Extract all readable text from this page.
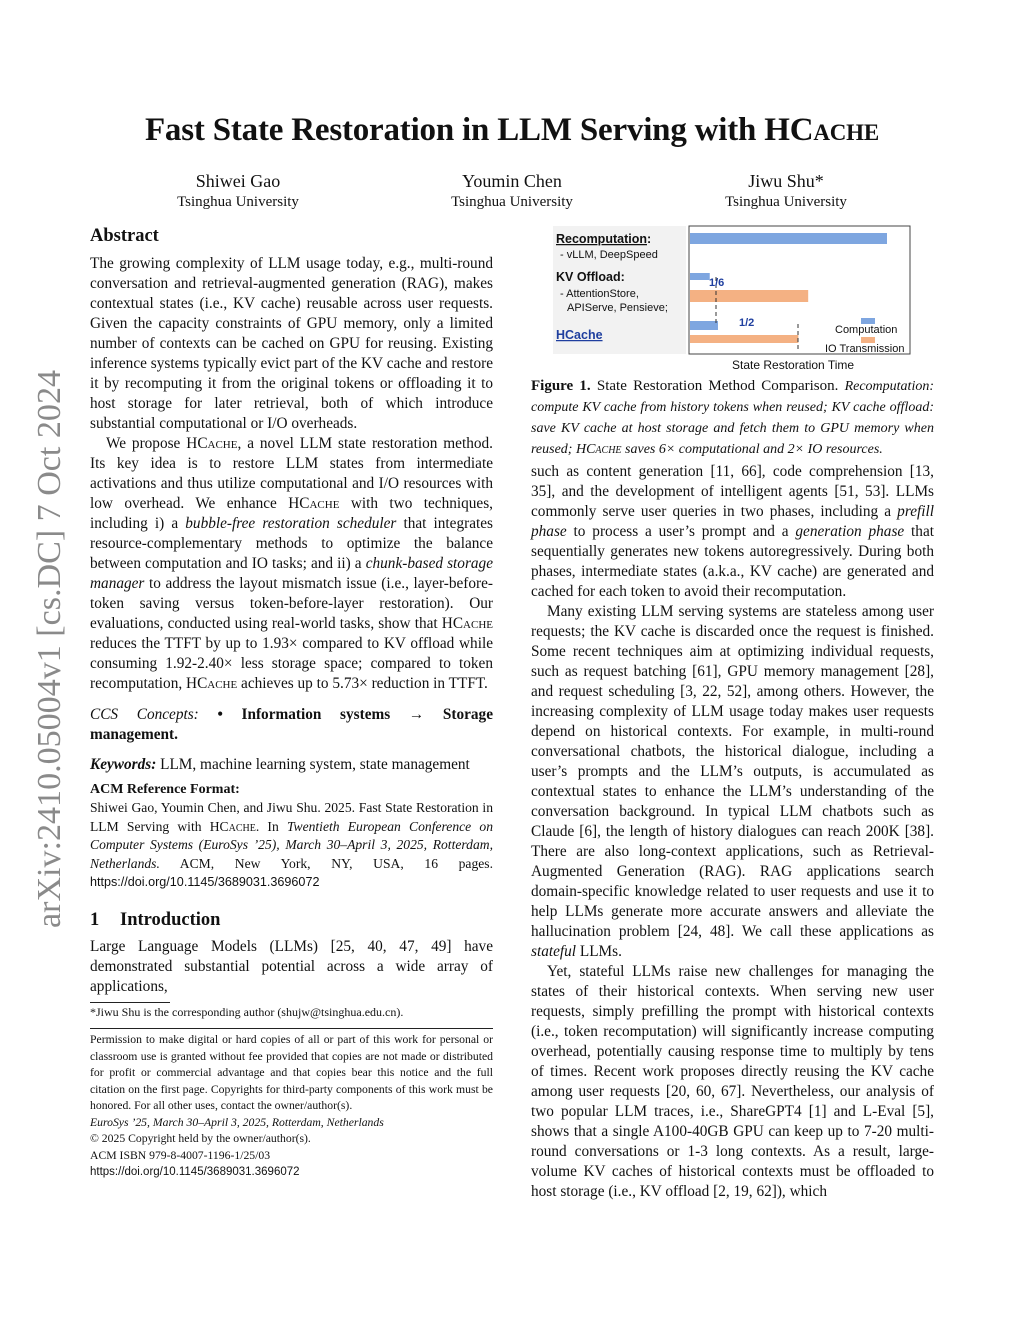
arXiv:2410.05004v1 [cs.DC] 7 Oct 2024
Fast State Restoration in LLM Serving with HCache
Shiwei Gao
Tsinghua University
Youmin Chen
Tsinghua University
Jiwu Shu*
Tsinghua University
Abstract

The growing complexity of LLM usage today, e.g., multi-round conversation and retrieval-augmented generation (RAG), makes contextual states (i.e., KV cache) reusable across user requests. Given the capacity constraints of GPU memory, only a limited number of contexts can be cached on GPU for reusing. Existing inference systems typically evict part of the KV cache and restore it by recomputing it from the original tokens or offloading it to host storage for later retrieval, both of which introduce substantial computational or I/O overheads.

We propose HCache, a novel LLM state restoration method. Its key idea is to restore LLM states from intermediate activations and thus utilize computational and I/O resources with low overhead. We enhance HCache with two techniques, including i) a bubble-free restoration scheduler that integrates resource-complementary methods to optimize the balance between computation and IO tasks; and ii) a chunk-based storage manager to address the layout mismatch issue (i.e., layer-before-token saving versus token-before-layer restoration). Our evaluations, conducted using real-world tasks, show that HCache reduces the TTFT by up to 1.93× compared to KV offload while consuming 1.92-2.40× less storage space; compared to token recomputation, HCache achieves up to 5.73× reduction in TTFT.

CCS Concepts: • Information systems → Storage management.

Keywords: LLM, machine learning system, state management

ACM Reference Format:
Shiwei Gao, Youmin Chen, and Jiwu Shu. 2025. Fast State Restoration in LLM Serving with HCache. In Twentieth European Conference on Computer Systems (EuroSys ’25), March 30–April 3, 2025, Rotterdam, Netherlands. ACM, New York, NY, USA, 16 pages. https://doi.org/10.1145/3689031.3696072
1 Introduction

Large Language Models (LLMs) [25, 40, 47, 49] have demonstrated substantial potential across a wide array of applications,

*Jiwu Shu is the corresponding author (shujw@tsinghua.edu.cn).
Permission to make digital or hard copies of all or part of this work for personal or classroom use is granted without fee provided that copies are not made or distributed for profit or commercial advantage and that copies bear this notice and the full citation on the first page. Copyrights for third-party components of this work must be honored. For all other uses, contact the owner/author(s).
EuroSys ’25, March 30–April 3, 2025, Rotterdam, Netherlands
© 2025 Copyright held by the owner/author(s).
ACM ISBN 979-8-4007-1196-1/25/03
https://doi.org/10.1145/3689031.3696072
Recomputation:
- vLLM, DeepSpeed
KV Offload:
- AttentionStore,
APIServe, Pensieve;
HCache
1/6
1/2
Computation
IO Transmission
State Restoration Time
Figure 1. State Restoration Method Comparison. Recomputation: compute KV cache from history tokens when reused; KV cache offload: save KV cache at host storage and fetch them to GPU memory when reused; HCache saves 6× computational and 2× IO resources.

such as content generation [11, 66], code comprehension [13, 35], and the development of intelligent agents [51, 53]. LLMs commonly serve user queries in two phases, including a prefill phase to process a user’s prompt and a generation phase that sequentially generates new tokens autoregressively. During both phases, intermediate states (a.k.a., KV cache) are generated and cached for each token to avoid their recomputation.

Many existing LLM serving systems are stateless among user requests; the KV cache is discarded once the request is finished. Some recent techniques aim at optimizing individual requests, such as request batching [61], GPU memory management [28], and request scheduling [3, 22, 52], among others. However, the increasing complexity of LLM usage today makes user requests depend on historical contexts. For example, in multi-round conversational chatbots, the historical dialogue, including a user’s prompts and the LLM’s outputs, is accumulated as contextual states to enhance the LLM’s understanding of the conversation background. In typical LLM chatbots such as Claude [6], the length of history dialogues can reach 200K [38]. There are also long-context applications, such as Retrieval-Augmented Generation (RAG). RAG applications search domain-specific knowledge related to user requests and use it to help LLMs generate more accurate answers and alleviate the hallucination problem [24, 48]. We call these applications as stateful LLMs.

Yet, stateful LLMs raise new challenges for managing the states of their historical contexts. When serving new user requests, simply prefilling the prompt with historical contexts (i.e., token recomputation) will significantly increase computing overhead, potentially causing response time to multiply by tens of times. Recent work proposes directly reusing the KV cache among user requests [20, 60, 67]. Nevertheless, our analysis of two popular LLM traces, i.e., ShareGPT4 [1] and L-Eval [5], shows that a single A100-40GB GPU can keep up to 7-20 multi-round conversations or 1-3 long contexts. As a result, large-volume KV caches of historical contexts must be offloaded to host storage (i.e., KV offload [2, 19, 62]), which
